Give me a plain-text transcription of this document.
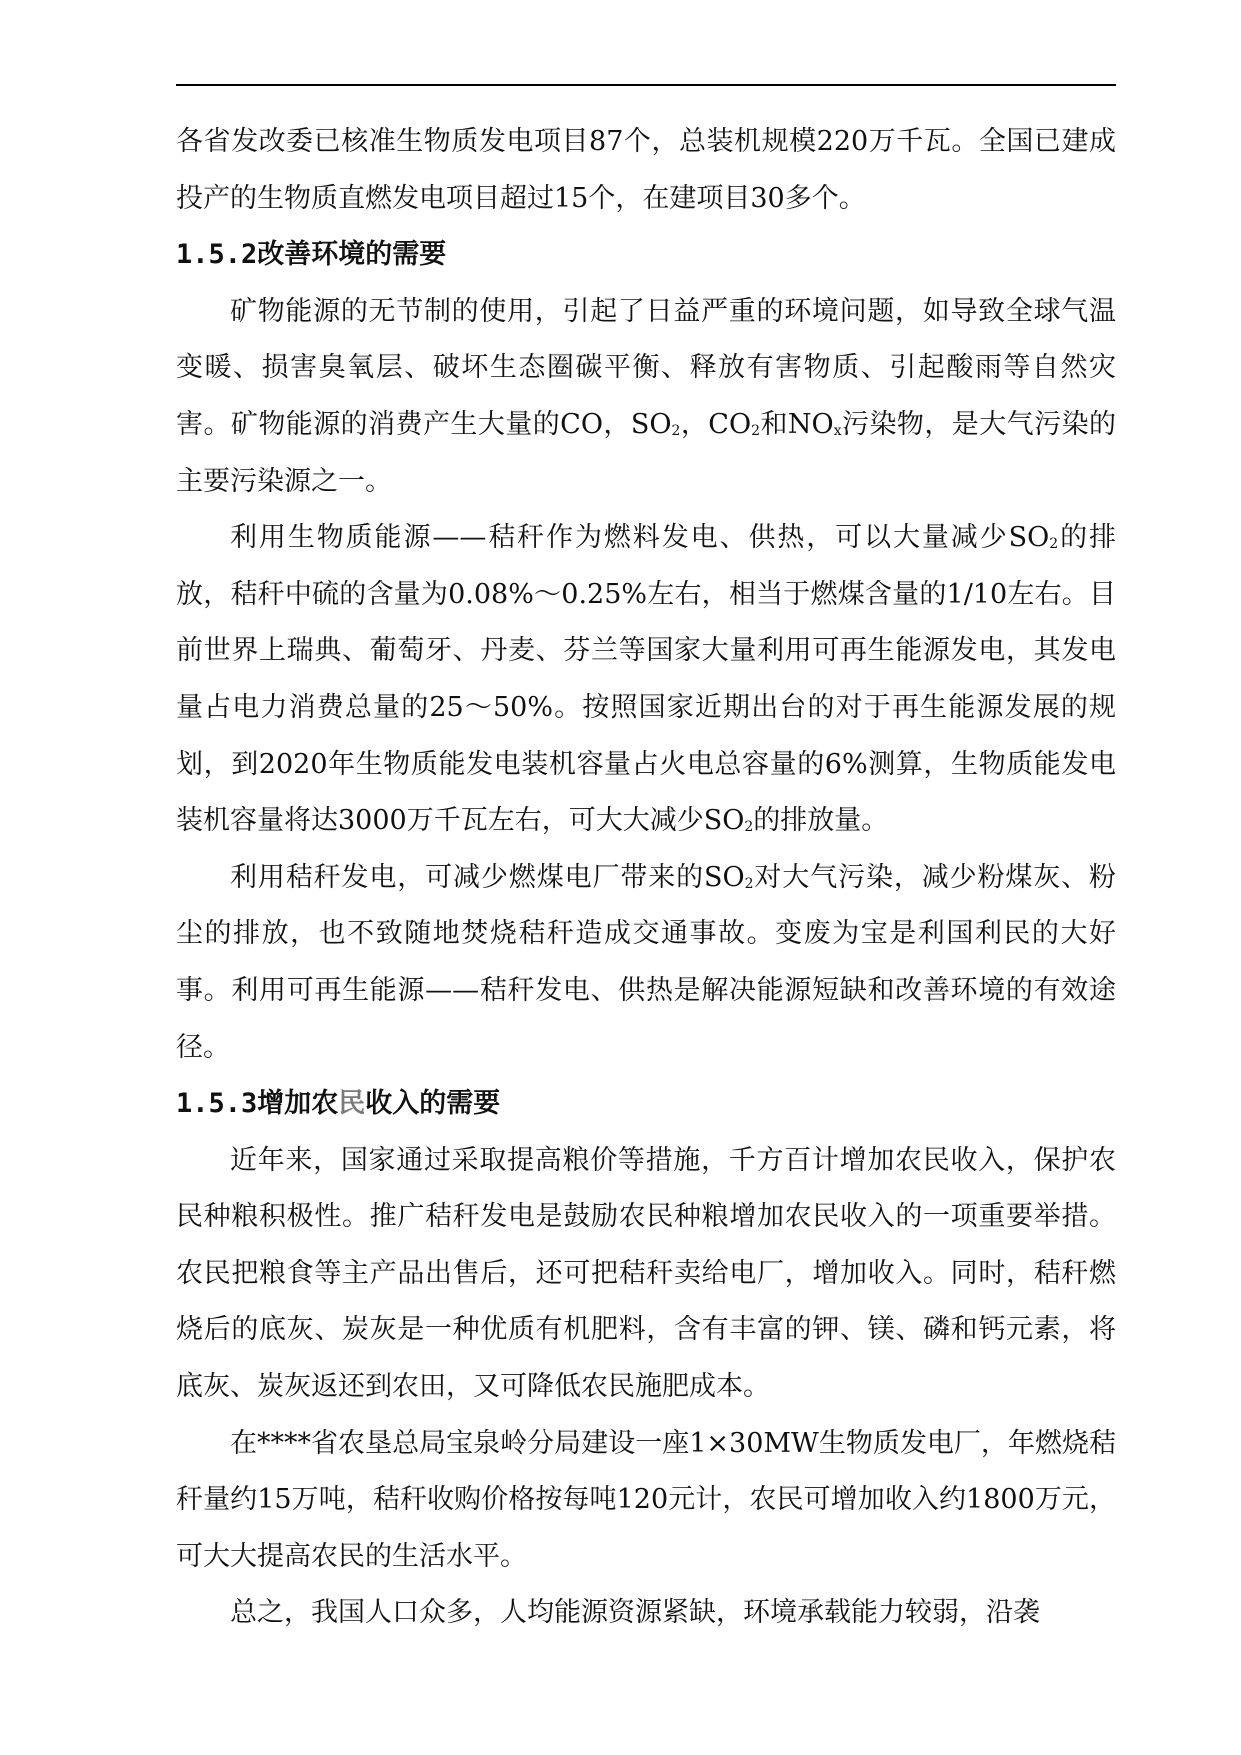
各省发改委已核准生物质发电项目87个，总装机规模220万千瓦。全国已建成投产的生物质直燃发电项目超过15个，在建项目30多个。

1.5.2改善环境的需要

矿物能源的无节制的使用，引起了日益严重的环境问题，如导致全球气温变暖、损害臭氧层、破坏生态圈碳平衡、释放有害物质、引起酸雨等自然灾害。矿物能源的消费产生大量的CO，$SO_2$，$CO_2$和$NO_x$污染物，是大气污染的主要污染源之一。

利用生物质能源——秸秆作为燃料发电、供热，可以大量减少$SO_2$的排放，秸秆中硫的含量为0.08%～0.25%左右，相当于燃煤含量的1/10左右。目前世界上瑞典、葡萄牙、丹麦、芬兰等国家大量利用可再生能源发电，其发电量占电力消费总量的25～50%。按照国家近期出台的对于再生能源发展的规划，到2020年生物质能发电装机容量占火电总容量的6%测算，生物质能发电装机容量将达3000万千瓦左右，可大大减少$SO_2$的排放量。

利用秸秆发电，可减少燃煤电厂带来的$SO_2$对大气污染，减少粉煤灰、粉尘的排放，也不致随地焚烧秸秆造成交通事故。变废为宝是利国利民的大好事。利用可再生能源——秸秆发电、供热是解决能源短缺和改善环境的有效途径。

1.5.3增加农民收入的需要

近年来，国家通过采取提高粮价等措施，千方百计增加农民收入，保护农民种粮积极性。推广秸秆发电是鼓励农民种粮增加农民收入的一项重要举措。农民把粮食等主产品出售后，还可把秸秆卖给电厂，增加收入。同时，秸秆燃烧后的底灰、炭灰是一种优质有机肥料，含有丰富的钾、镁、磷和钙元素，将底灰、炭灰返还到农田，又可降低农民施肥成本。

在****省农垦总局宝泉岭分局建设一座1×30MW生物质发电厂，年燃烧秸秆量约15万吨，秸秆收购价格按每吨120元计，农民可增加收入约1800万元，可大大提高农民的生活水平。

总之，我国人口众多，人均能源资源紧缺，环境承载能力较弱，沿袭
